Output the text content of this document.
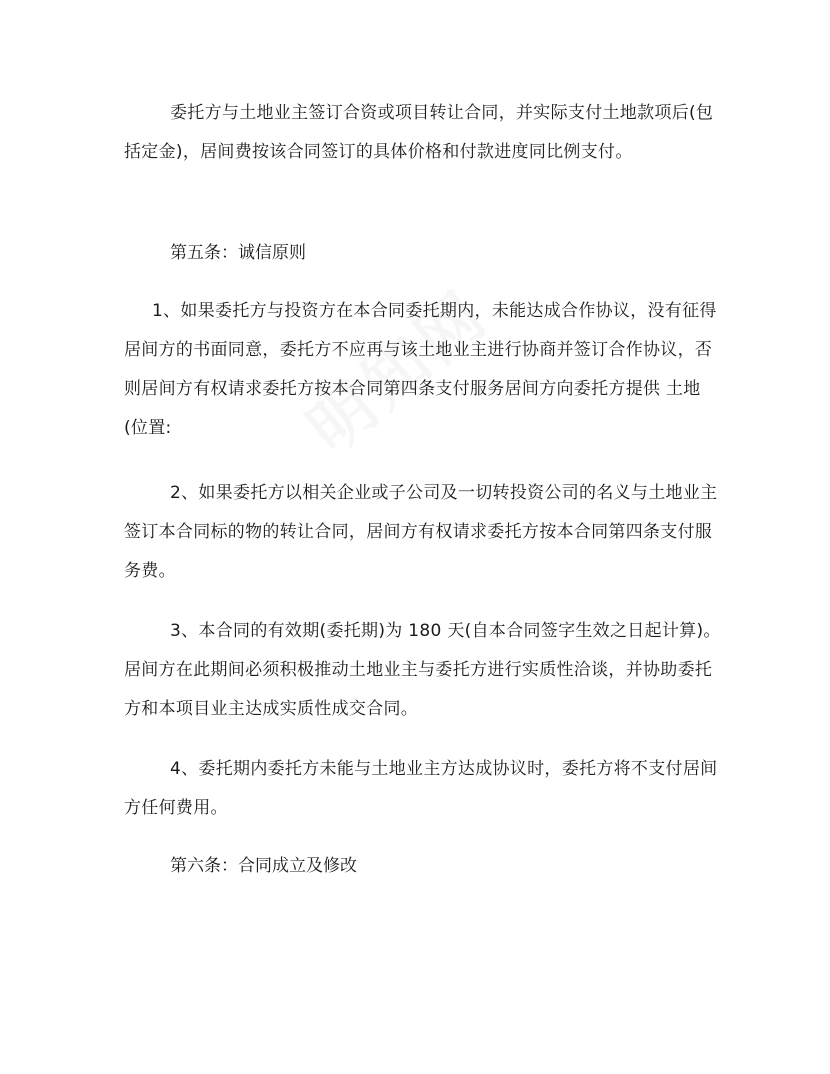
委托方与土地业主签订合资或项目转让合同，并实际支付土地款项后(包括定金)，居间费按该合同签订的具体价格和付款进度同比例支付。

第五条：诚信原则

1、如果委托方与投资方在本合同委托期内，未能达成合作协议，没有征得居间方的书面同意，委托方不应再与该土地业主进行协商并签订合作协议，否则居间方有权请求委托方按本合同第四条支付服务居间方向委托方提供 土地(位置:

2、如果委托方以相关企业或子公司及一切转投资公司的名义与土地业主签订本合同标的物的转让合同，居间方有权请求委托方按本合同第四条支付服务费。

3、本合同的有效期(委托期)为 180 天(自本合同签字生效之日起计算)。居间方在此期间必须积极推动土地业主与委托方进行实质性洽谈，并协助委托方和本项目业主达成实质性成交合同。

4、委托期内委托方未能与土地业主方达成协议时，委托方将不支付居间方任何费用。

第六条：合同成立及修改
